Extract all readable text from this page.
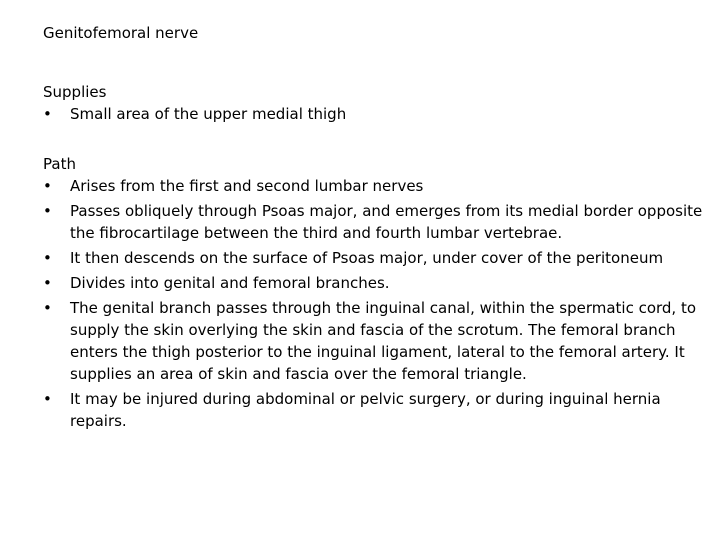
Genitofemoral nerve
Supplies
•	Small area of the upper medial thigh
Path
•	Arises from the first and second lumbar nerves
•	Passes obliquely through Psoas major, and emerges from its medial border opposite the fibrocartilage between the third and fourth lumbar vertebrae.
•	It then descends on the surface of Psoas major, under cover of the peritoneum
•	Divides into genital and femoral branches.
•	The genital branch passes through the inguinal canal, within the spermatic cord, to supply the skin overlying the skin and fascia of the scrotum. The femoral branch enters the thigh posterior to the inguinal ligament, lateral to the femoral artery. It supplies an area of skin and fascia over the femoral triangle.
•	It may be injured during abdominal or pelvic surgery, or during inguinal hernia repairs.
